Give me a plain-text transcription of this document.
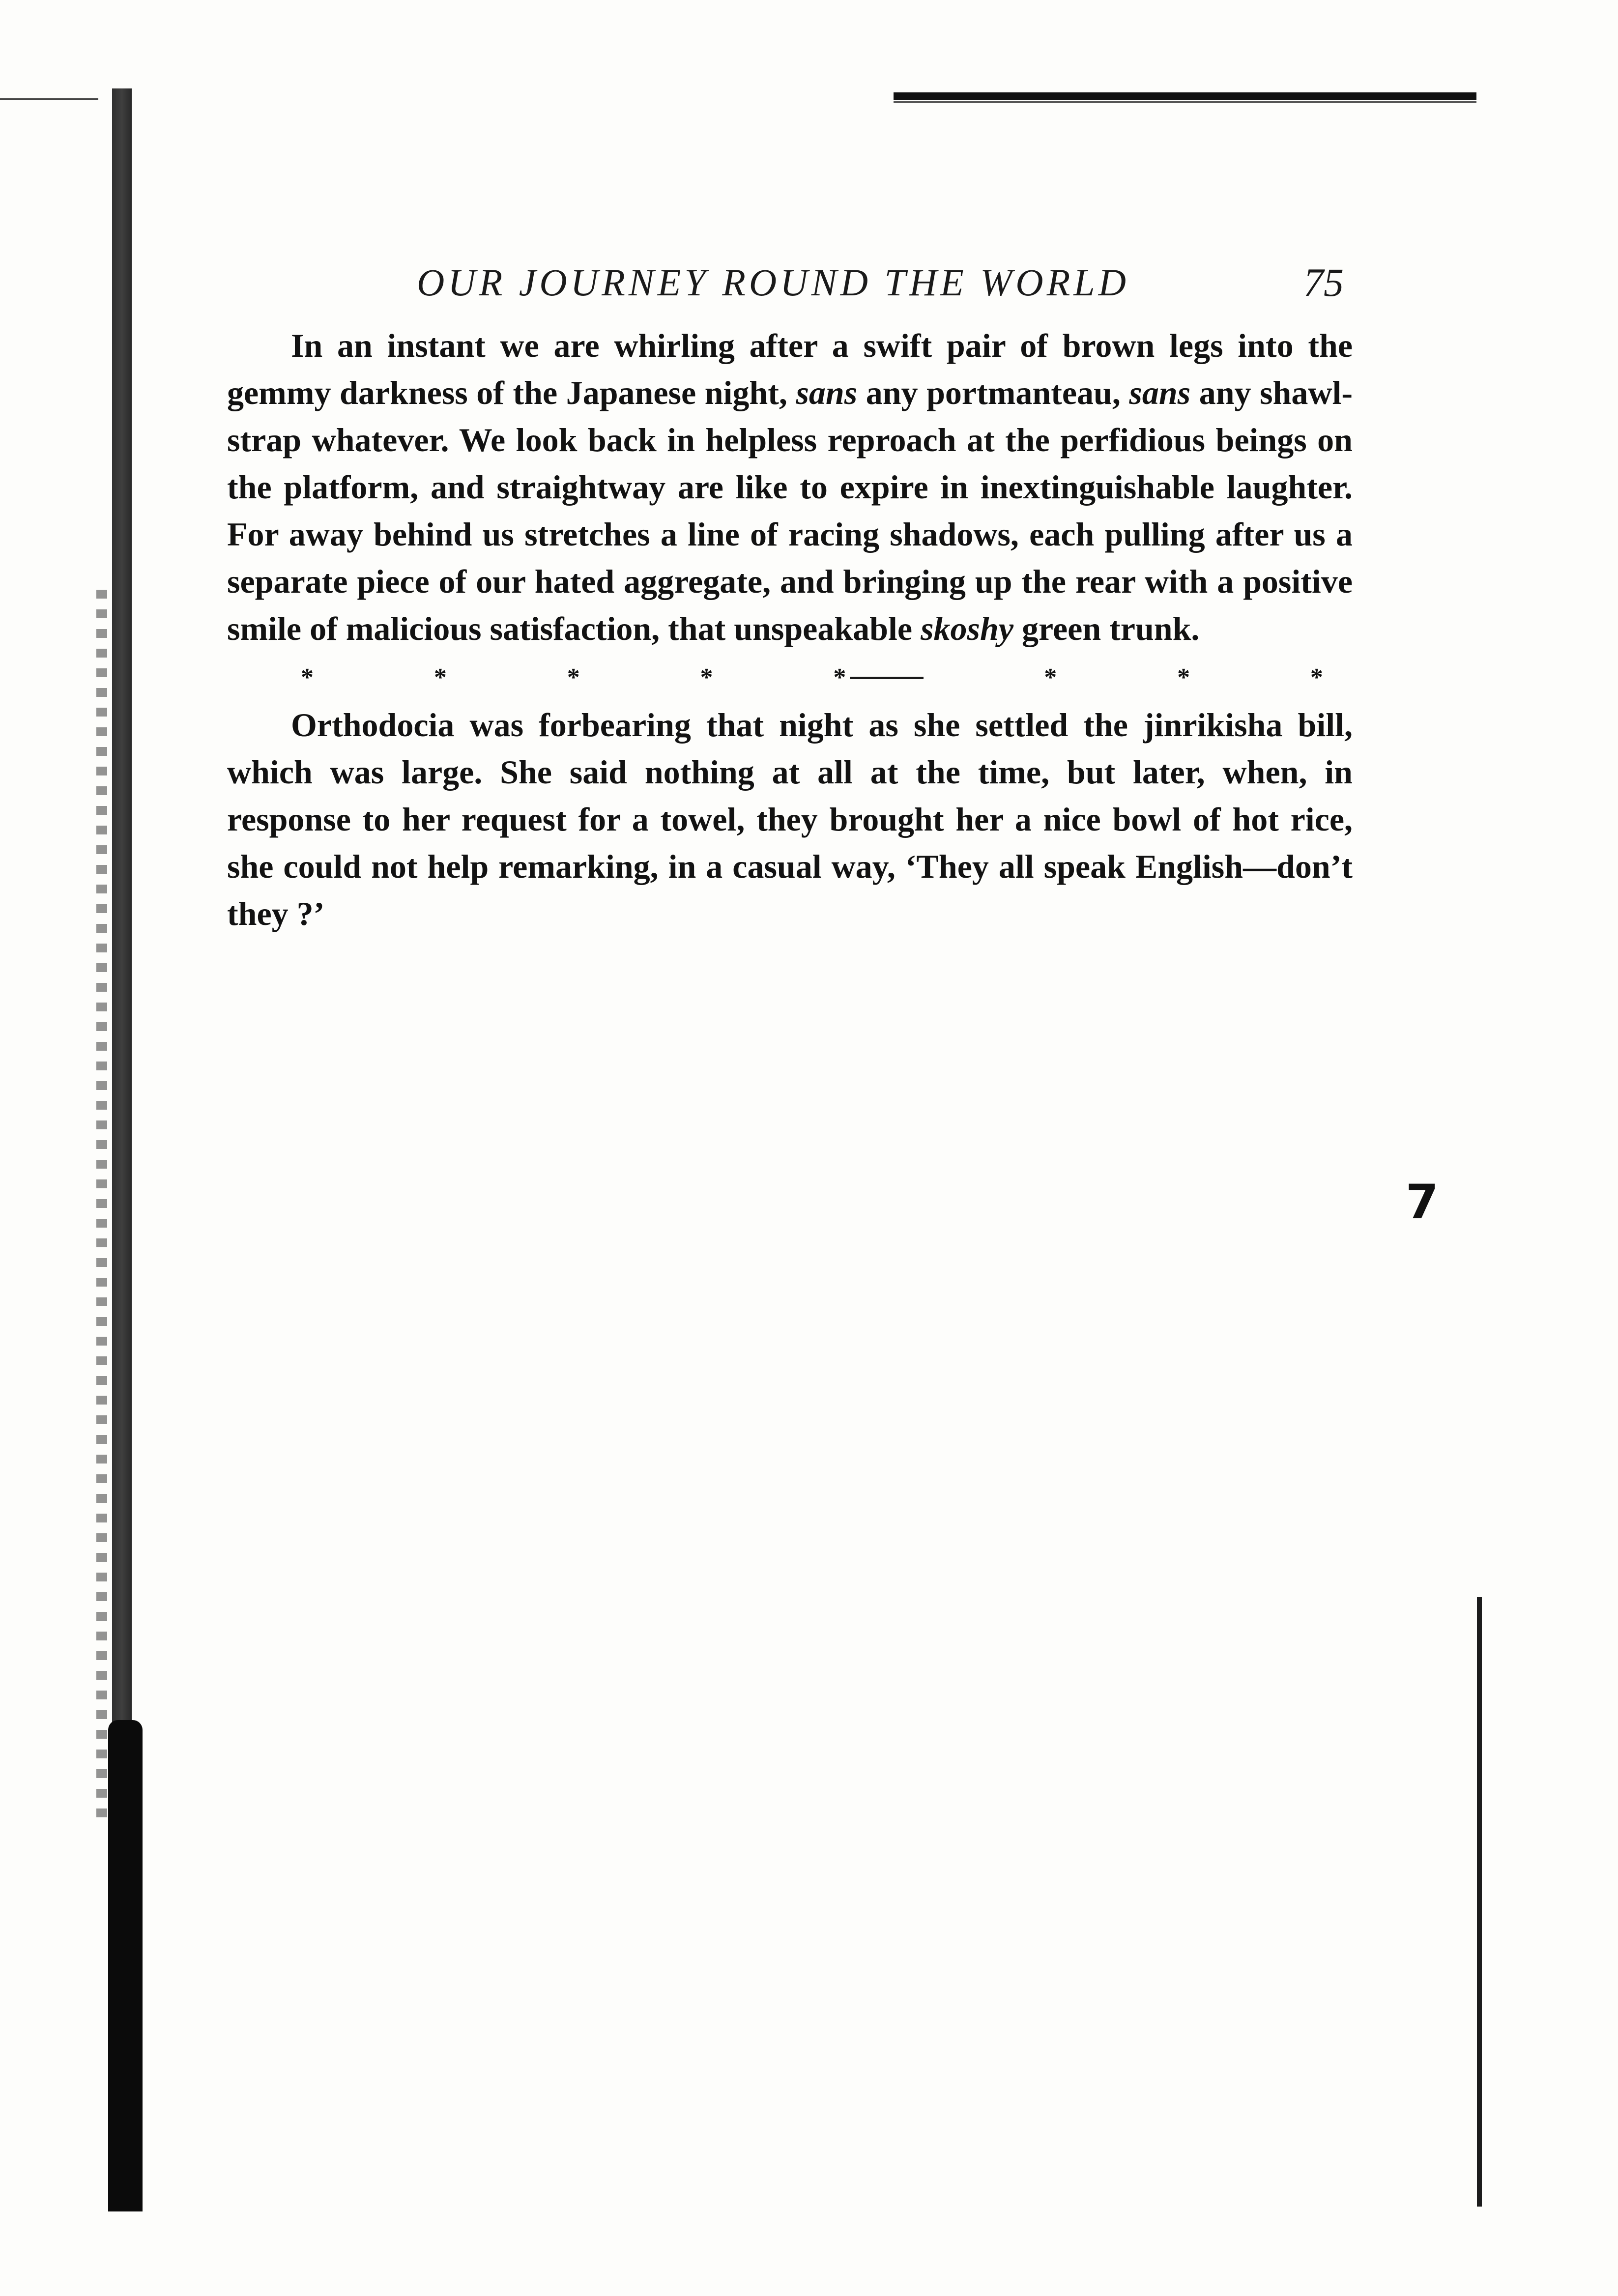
7
OUR JOURNEY ROUND THE WORLD	75

In an instant we are whirling after a swift pair of brown legs into the gemmy darkness of the Japanese night, sans any portmanteau, sans any shawl-strap whatever. We look back in helpless reproach at the perfidious beings on the platform, and straightway are like to expire in inextinguishable laughter. For away behind us stretches a line of racing shadows, each pulling after us a separate piece of our hated aggregate, and bringing up the rear with a positive smile of malicious satisfaction, that unspeakable skoshy green trunk.

*	*	*	*	*	*	*	*

Orthodocia was forbearing that night as she settled the jinrikisha bill, which was large. She said nothing at all at the time, but later, when, in response to her request for a towel, they brought her a nice bowl of hot rice, she could not help remarking, in a casual way, ‘They all speak English—don’t they ?’
